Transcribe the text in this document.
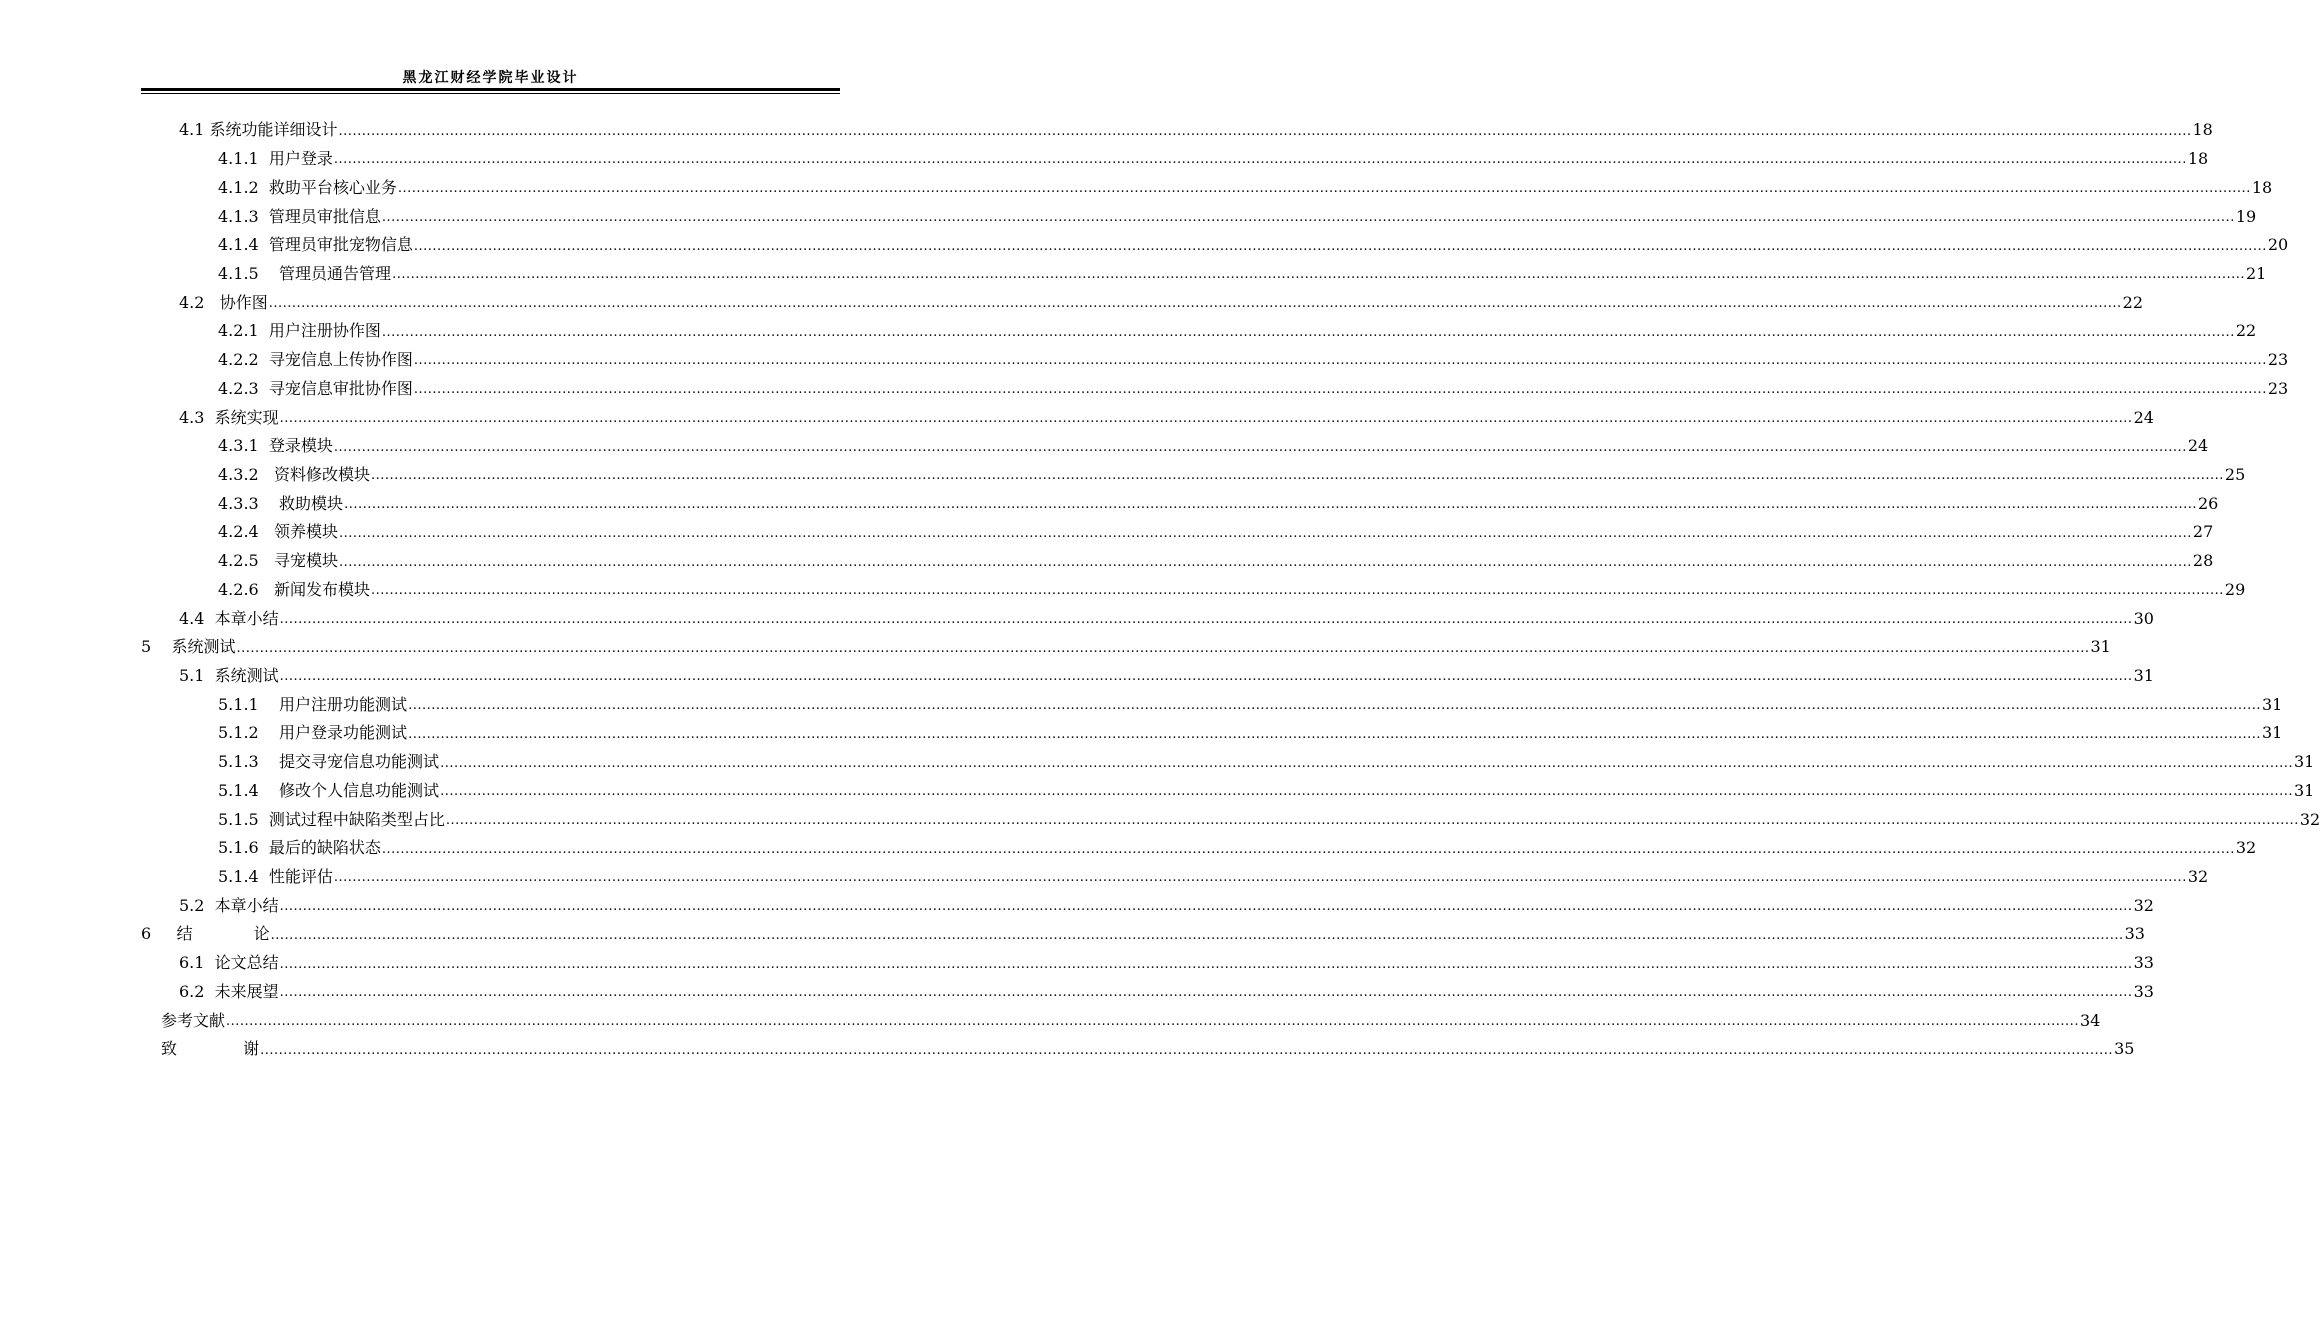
黑龙江财经学院毕业设计
4.1 系统功能详细设计 ................................................................................................................................................................................................................................................................................................................................................................................................................ 18
4.1.1  用户登录 ................................................................................................................................................................................................................................................................................................................................................................................................................ 18
4.1.2  救助平台核心业务 ................................................................................................................................................................................................................................................................................................................................................................................................................ 18
4.1.3  管理员审批信息 ................................................................................................................................................................................................................................................................................................................................................................................................................ 19
4.1.4  管理员审批宠物信息 ................................................................................................................................................................................................................................................................................................................................................................................................................ 20
4.1.5    管理员通告管理 ................................................................................................................................................................................................................................................................................................................................................................................................................ 21
4.2   协作图 ................................................................................................................................................................................................................................................................................................................................................................................................................ 22
4.2.1  用户注册协作图 ................................................................................................................................................................................................................................................................................................................................................................................................................ 22
4.2.2  寻宠信息上传协作图 ................................................................................................................................................................................................................................................................................................................................................................................................................ 23
4.2.3  寻宠信息审批协作图 ................................................................................................................................................................................................................................................................................................................................................................................................................ 23
4.3  系统实现 ................................................................................................................................................................................................................................................................................................................................................................................................................ 24
4.3.1  登录模块 ................................................................................................................................................................................................................................................................................................................................................................................................................ 24
4.3.2   资料修改模块 ................................................................................................................................................................................................................................................................................................................................................................................................................ 25
4.3.3    救助模块 ................................................................................................................................................................................................................................................................................................................................................................................................................ 26
4.2.4   领养模块 ................................................................................................................................................................................................................................................................................................................................................................................................................ 27
4.2.5   寻宠模块 ................................................................................................................................................................................................................................................................................................................................................................................................................ 28
4.2.6   新闻发布模块 ................................................................................................................................................................................................................................................................................................................................................................................................................ 29
4.4  本章小结 ................................................................................................................................................................................................................................................................................................................................................................................................................ 30
5    系统测试 ................................................................................................................................................................................................................................................................................................................................................................................................................ 31
5.1  系统测试 ................................................................................................................................................................................................................................................................................................................................................................................................................ 31
5.1.1    用户注册功能测试 ................................................................................................................................................................................................................................................................................................................................................................................................................ 31
5.1.2    用户登录功能测试 ................................................................................................................................................................................................................................................................................................................................................................................................................ 31
5.1.3    提交寻宠信息功能测试 ................................................................................................................................................................................................................................................................................................................................................................................................................ 31
5.1.4    修改个人信息功能测试 ................................................................................................................................................................................................................................................................................................................................................................................................................ 31
5.1.5  测试过程中缺陷类型占比 ................................................................................................................................................................................................................................................................................................................................................................................................................ 32
5.1.6  最后的缺陷状态 ................................................................................................................................................................................................................................................................................................................................................................................................................ 32
5.1.4  性能评估 ................................................................................................................................................................................................................................................................................................................................................................................................................ 32
5.2  本章小结 ................................................................................................................................................................................................................................................................................................................................................................................................................ 32
6     结            论 ................................................................................................................................................................................................................................................................................................................................................................................................................ 33
6.1  论文总结 ................................................................................................................................................................................................................................................................................................................................................................................................................ 33
6.2  未来展望 ................................................................................................................................................................................................................................................................................................................................................................................................................ 33
参考文献 ................................................................................................................................................................................................................................................................................................................................................................................................................ 34
致             谢 ................................................................................................................................................................................................................................................................................................................................................................................................................ 35
